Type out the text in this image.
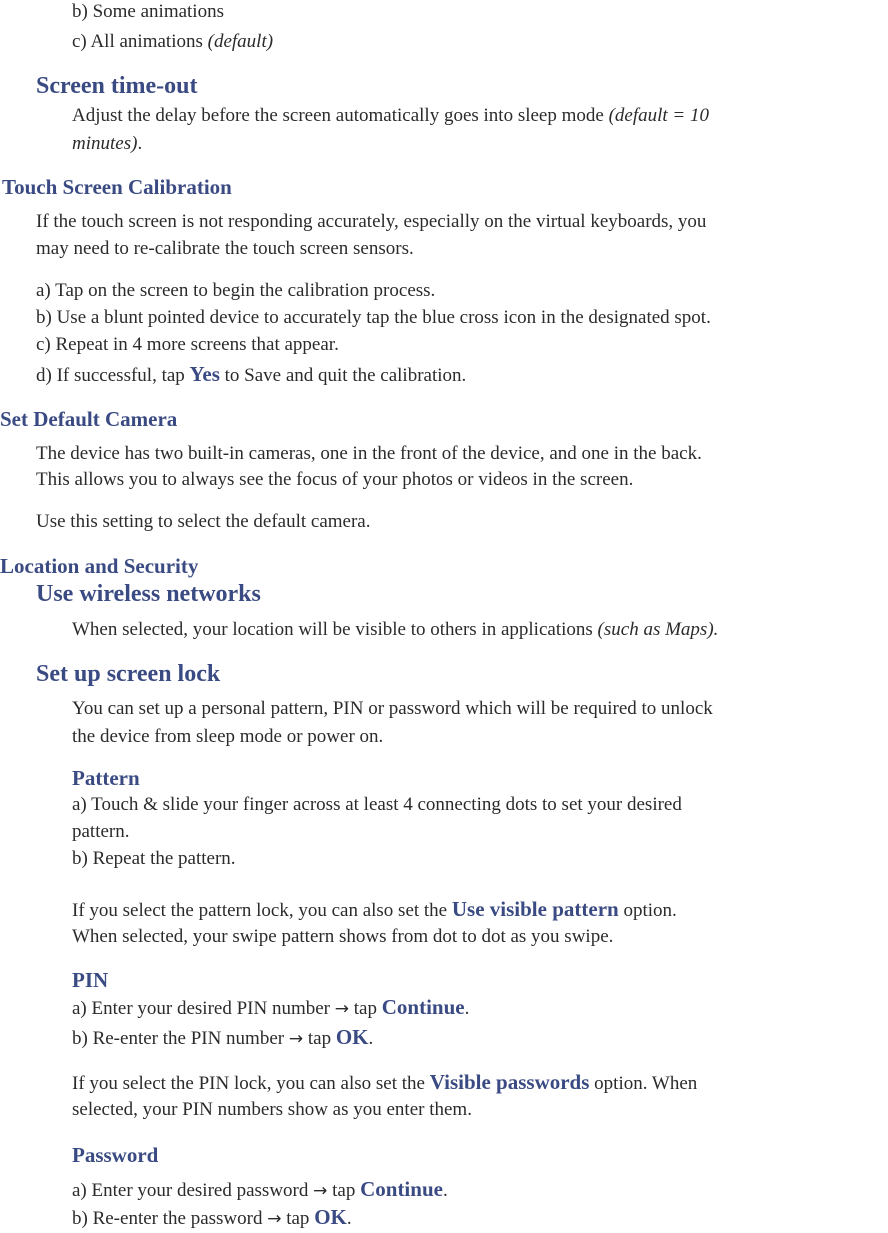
b) Some animations
c) All animations (default)
Screen time-out
Adjust the delay before the screen automatically goes into sleep mode (default = 10
minutes).
Touch Screen Calibration
If the touch screen is not responding accurately, especially on the virtual keyboards, you
may need to re-calibrate the touch screen sensors.
a) Tap on the screen to begin the calibration process.
b) Use a blunt pointed device to accurately tap the blue cross icon in the designated spot.
c) Repeat in 4 more screens that appear.
d) If successful, tap Yes to Save and quit the calibration.
Set Default Camera
The device has two built-in cameras, one in the front of the device, and one in the back.
This allows you to always see the focus of your photos or videos in the screen.
Use this setting to select the default camera.
Location and Security
Use wireless networks
When selected, your location will be visible to others in applications (such as Maps).
Set up screen lock
You can set up a personal pattern, PIN or password which will be required to unlock
the device from sleep mode or power on.
Pattern
a) Touch & slide your finger across at least 4 connecting dots to set your desired
pattern.
b) Repeat the pattern.
If you select the pattern lock, you can also set the Use visible pattern option.
When selected, your swipe pattern shows from dot to dot as you swipe.
PIN
a) Enter your desired PIN number → tap Continue.
b) Re-enter the PIN number → tap OK.
If you select the PIN lock, you can also set the Visible passwords option. When
selected, your PIN numbers show as you enter them.
Password
a) Enter your desired password → tap Continue.
b) Re-enter the password → tap OK.
